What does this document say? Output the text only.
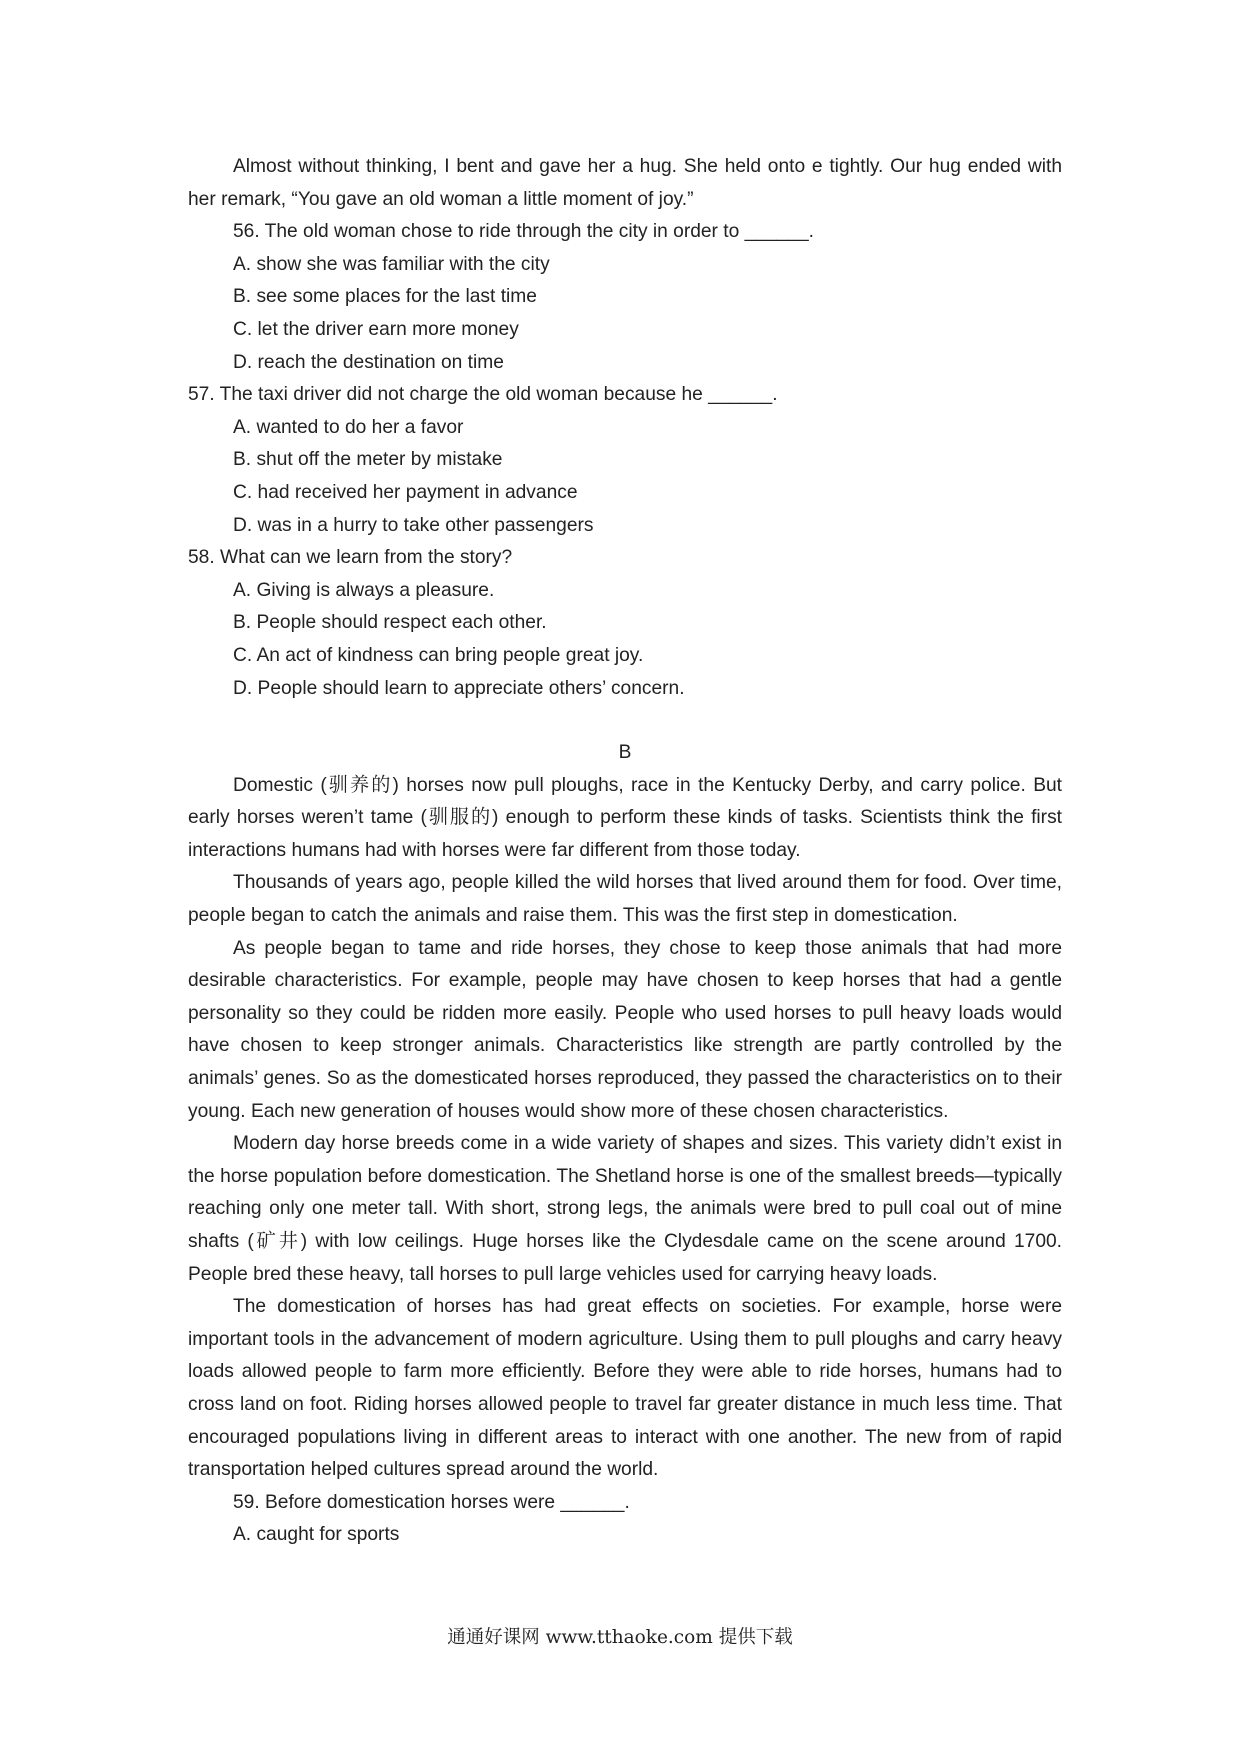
Almost without thinking, I bent and gave her a hug. She held onto e tightly. Our hug ended with her remark, “You gave an old woman a little moment of joy.”

56. The old woman chose to ride through the city in order to ______.

A. show she was familiar with the city

B. see some places for the last time

C. let the driver earn more money

D. reach the destination on time

57. The taxi driver did not charge the old woman because he ______.

A. wanted to do her a favor

B. shut off the meter by mistake

C. had received her payment in advance

D. was in a hurry to take other passengers

58. What can we learn from the story?

A. Giving is always a pleasure.

B. People should respect each other.

C. An act of kindness can bring people great joy.

D. People should learn to appreciate others’ concern.

B

Domestic (驯养的) horses now pull ploughs, race in the Kentucky Derby, and carry police. But early horses weren’t tame (驯服的) enough to perform these kinds of tasks. Scientists think the first interactions humans had with horses were far different from those today.

Thousands of years ago, people killed the wild horses that lived around them for food. Over time, people began to catch the animals and raise them. This was the first step in domestication.

As people began to tame and ride horses, they chose to keep those animals that had more desirable characteristics. For example, people may have chosen to keep horses that had a gentle personality so they could be ridden more easily. People who used horses to pull heavy loads would have chosen to keep stronger animals. Characteristics like strength are partly controlled by the animals’ genes. So as the domesticated horses reproduced, they passed the characteristics on to their young. Each new generation of houses would show more of these chosen characteristics.

Modern day horse breeds come in a wide variety of shapes and sizes. This variety didn’t exist in the horse population before domestication. The Shetland horse is one of the smallest breeds—typically reaching only one meter tall. With short, strong legs, the animals were bred to pull coal out of mine shafts (矿井) with low ceilings. Huge horses like the Clydesdale came on the scene around 1700. People bred these heavy, tall horses to pull large vehicles used for carrying heavy loads.

The domestication of horses has had great effects on societies. For example, horse were important tools in the advancement of modern agriculture. Using them to pull ploughs and carry heavy loads allowed people to farm more efficiently. Before they were able to ride horses, humans had to cross land on foot. Riding horses allowed people to travel far greater distance in much less time. That encouraged populations living in different areas to interact with one another. The new from of rapid transportation helped cultures spread around the world.

59. Before domestication horses were ______.

A. caught for sports

通通好课网 www.tthaoke.com 提供下载
